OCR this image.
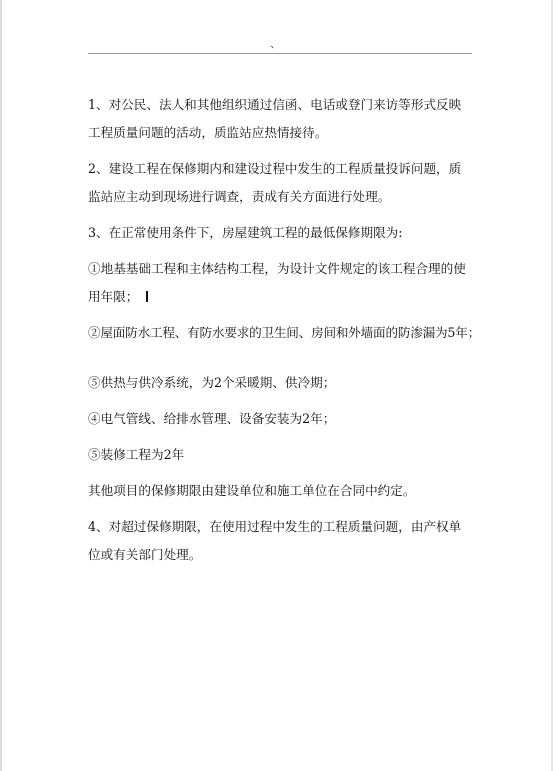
、

1、对公民、法人和其他组织通过信函、电话或登门来访等形式反映工程质量问题的活动，质监站应热情接待。

2、建设工程在保修期内和建设过程中发生的工程质量投诉问题，质监站应主动到现场进行调查，责成有关方面进行处理。

3、在正常使用条件下，房屋建筑工程的最低保修期限为:

①地基基础工程和主体结构工程，为设计文件规定的该工程合理的使用年限；

②屋面防水工程、有防水要求的卫生间、房间和外墙面的防渗漏为5年；

⑤供热与供冷系统，为2个采暖期、供冷期；

④电气管线、给排水管理、设备安装为2年；

⑤装修工程为2年

其他项目的保修期限由建设单位和施工单位在合同中约定。

4、对超过保修期限，在使用过程中发生的工程质量问题，由产权单位或有关部门处理。
